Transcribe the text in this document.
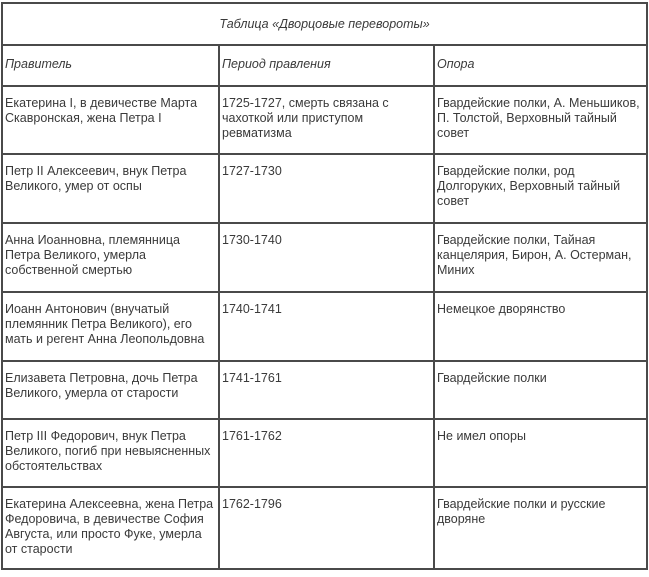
Таблица «Дворцовые перевороты»		
Правитель	Период правления	Опора

Екатерина I, в девичестве Марта Скавронская, жена Петра I	1725-1727, смерть связана с чахоткой или приступом ревматизма	Гвардейские полки, А. Меньшиков, П. Толстой, Верховный тайный совет

Петр II Алексеевич, внук Петра Великого, умер от оспы	1727-1730	Гвардейские полки, род Долгоруких, Верховный тайный совет

Анна Иоанновна, племянница Петра Великого, умерла собственной смертью	1730-1740	Гвардейские полки, Тайная канцелярия, Бирон, А. Остерман, Миних

Иоанн Антонович (внучатый племянник Петра Великого), его мать и регент Анна Леопольдовна	1740-1741	Немецкое дворянство

Елизавета Петровна, дочь Петра Великого, умерла от старости	1741-1761	Гвардейские полки

Петр III Федорович, внук Петра Великого, погиб при невыясненных обстоятельствах	1761-1762	Не имел опоры

Екатерина Алексеевна, жена Петра Федоровича, в девичестве София Августа, или просто Фуке, умерла от старости	1762-1796	Гвардейские полки и русские дворяне
